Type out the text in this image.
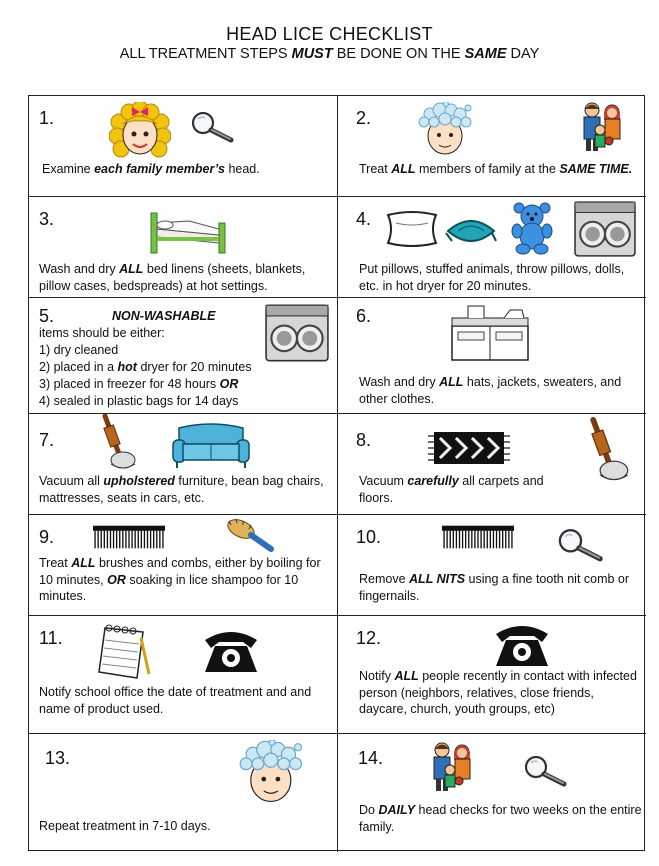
HEAD LICE CHECKLIST
ALL TREATMENT STEPS MUST BE DONE ON THE SAME DAY
1.
Examine each family member’s head.
2.
Treat ALL members of family at the SAME TIME.
3.
Wash and dry ALL bed linens (sheets, blankets, pillow cases, bedspreads) at hot settings.
4.
Put pillows, stuffed animals, throw pillows, dolls, etc. in hot dryer for 20 minutes.
5.	NON-WASHABLE
items should be either:
1) dry cleaned
2) placed in a hot dryer for 20 minutes
3) placed in freezer for 48 hours OR
4) sealed in plastic bags for 14 days
6.
Wash and dry ALL hats, jackets, sweaters, and other clothes.
7.
Vacuum all upholstered furniture, bean bag chairs, mattresses, seats in cars, etc.
8.
Vacuum carefully all carpets and floors.
9.
Treat ALL brushes and combs, either by boiling for 10 minutes, OR soaking in lice shampoo for 10 minutes.
10.
Remove ALL NITS using a fine tooth nit comb or fingernails.
11.
Notify school office the date of treatment and and name of product used.
12.
Notify ALL people recently in contact with infected person (neighbors, relatives, close friends, daycare, church, youth groups, etc)
13.
Repeat treatment in 7-10 days.
14.
Do DAILY head checks for two weeks on the entire family.
